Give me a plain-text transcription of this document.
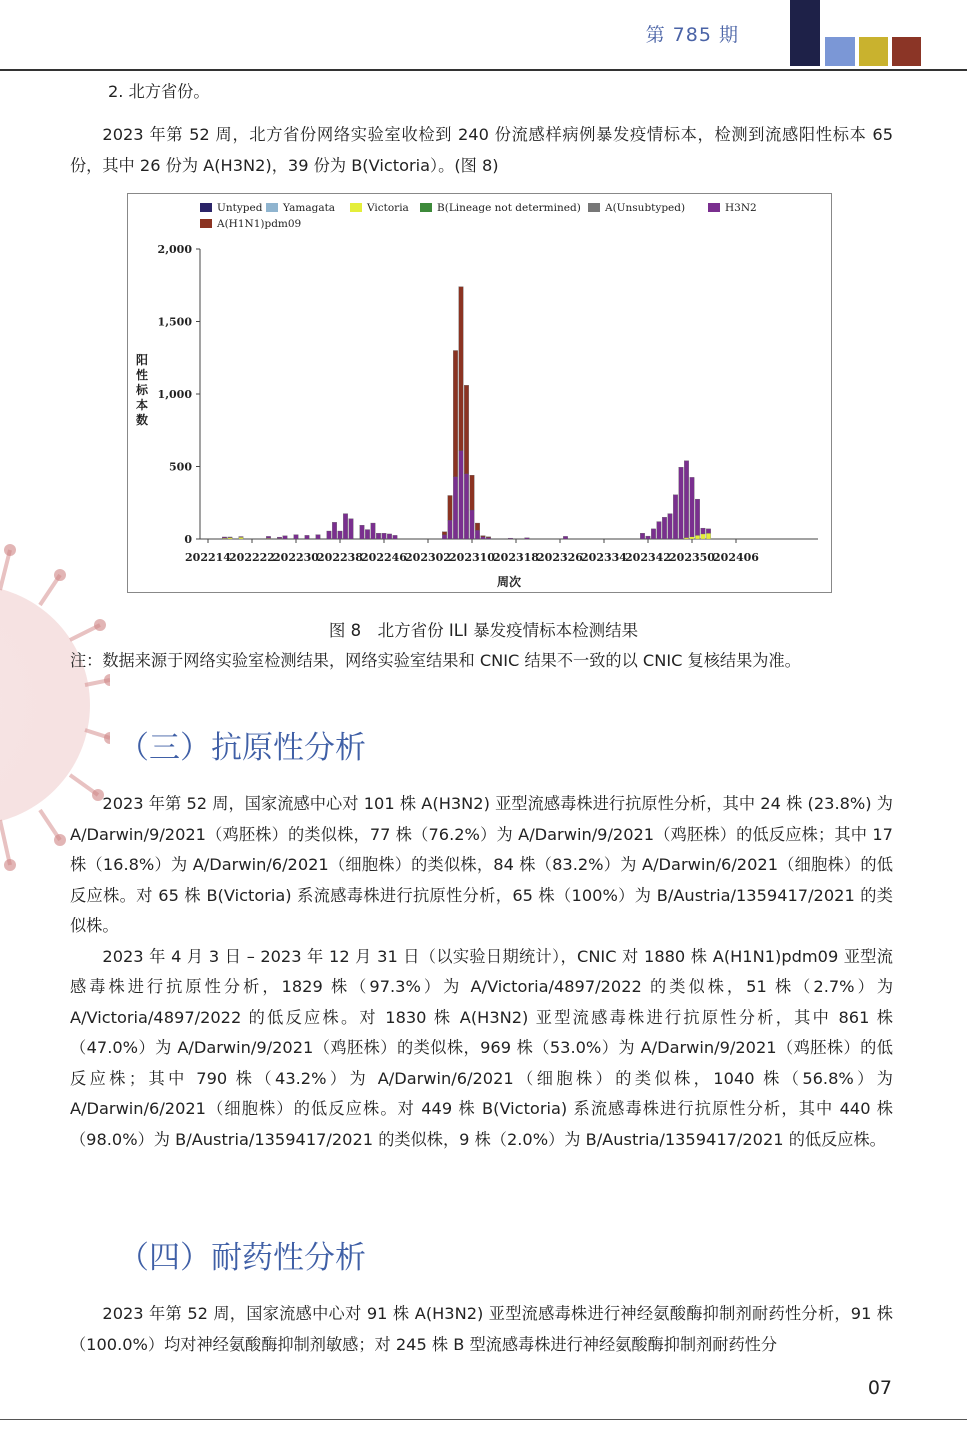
第 785 期
2. 北方省份。

2023 年第 52 周，北方省份网络实验室收检到 240 份流感样病例暴发疫情标本，检测到流感阳性标本 65 份，其中 26 份为 A(H3N2)，39 份为 B(Victoria）。(图 8)

Untyped Yamagata	Victoria	B(Lineage not determined) A(Unsubtyped)	H3N2
A(H1N1)pdm09
0
500
1,000
1,500
2,000
202214
202222
202230
202238
202246
202302
202310
202318
202326
202334
202342
202350
202406
阳
性
标
本
数
周次
图 8　北方省份 ILI 暴发疫情标本检测结果
注：数据来源于网络实验室检测结果，网络实验室结果和 CNIC 结果不一致的以 CNIC 复核结果为准。
（三）抗原性分析

2023 年第 52 周，国家流感中心对 101 株 A(H3N2) 亚型流感毒株进行抗原性分析，其中 24 株 (23.8%) 为 A/Darwin/9/2021（鸡胚株）的类似株，77 株（76.2%）为 A/Darwin/9/2021（鸡胚株）的低反应株；其中 17 株（16.8%）为 A/Darwin/6/2021（细胞株）的类似株，84 株（83.2%）为 A/Darwin/6/2021（细胞株）的低反应株。对 65 株 B(Victoria) 系流感毒株进行抗原性分析，65 株（100%）为 B/Austria/1359417/2021 的类似株。

2023 年 4 月 3 日 – 2023 年 12 月 31 日（以实验日期统计），CNIC 对 1880 株 A(H1N1)pdm09 亚型流感毒株进行抗原性分析，1829 株（97.3%）为 A/Victoria/4897/2022 的类似株，51 株（2.7%）为 A/Victoria/4897/2022 的低反应株。对 1830 株 A(H3N2) 亚型流感毒株进行抗原性分析，其中 861 株（47.0%）为 A/Darwin/9/2021（鸡胚株）的类似株，969 株（53.0%）为 A/Darwin/9/2021（鸡胚株）的低反应株；其中 790 株（43.2%）为 A/Darwin/6/2021（细胞株）的类似株，1040 株（56.8%）为 A/Darwin/6/2021（细胞株）的低反应株。对 449 株 B(Victoria) 系流感毒株进行抗原性分析，其中 440 株（98.0%）为 B/Austria/1359417/2021 的类似株，9 株（2.0%）为 B/Austria/1359417/2021 的低反应株。

（四）耐药性分析

2023 年第 52 周，国家流感中心对 91 株 A(H3N2) 亚型流感毒株进行神经氨酸酶抑制剂耐药性分析，91 株（100.0%）均对神经氨酸酶抑制剂敏感；对 245 株 B 型流感毒株进行神经氨酸酶抑制剂耐药性分

07
